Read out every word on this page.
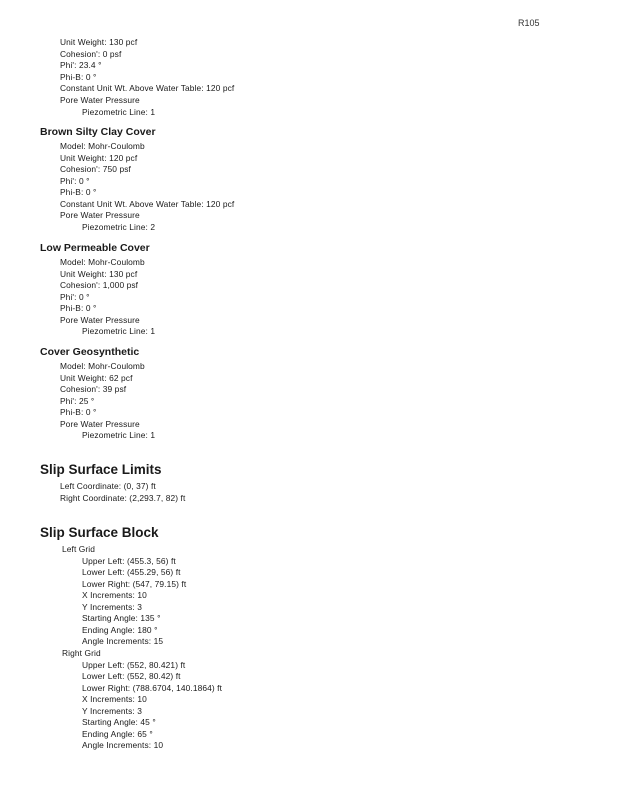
R105
Unit Weight: 130 pcf
Cohesion': 0 psf
Phi': 23.4 °
Phi-B: 0 °
Constant Unit Wt. Above Water Table: 120 pcf
Pore Water Pressure
Piezometric Line: 1
Brown Silty Clay Cover
Model: Mohr-Coulomb
Unit Weight: 120 pcf
Cohesion': 750 psf
Phi': 0 °
Phi-B: 0 °
Constant Unit Wt. Above Water Table: 120 pcf
Pore Water Pressure
Piezometric Line: 2
Low Permeable Cover
Model: Mohr-Coulomb
Unit Weight: 130 pcf
Cohesion': 1,000 psf
Phi': 0 °
Phi-B: 0 °
Pore Water Pressure
Piezometric Line: 1
Cover Geosynthetic
Model: Mohr-Coulomb
Unit Weight: 62 pcf
Cohesion': 39 psf
Phi': 25 °
Phi-B: 0 °
Pore Water Pressure
Piezometric Line: 1
Slip Surface Limits
Left Coordinate: (0, 37) ft
Right Coordinate: (2,293.7, 82) ft
Slip Surface Block
Left Grid
Upper Left: (455.3, 56) ft
Lower Left: (455.29, 56) ft
Lower Right: (547, 79.15) ft
X Increments: 10
Y Increments: 3
Starting Angle: 135 °
Ending Angle: 180 °
Angle Increments: 15
Right Grid
Upper Left: (552, 80.421) ft
Lower Left: (552, 80.42) ft
Lower Right: (788.6704, 140.1864) ft
X Increments: 10
Y Increments: 3
Starting Angle: 45 °
Ending Angle: 65 °
Angle Increments: 10
